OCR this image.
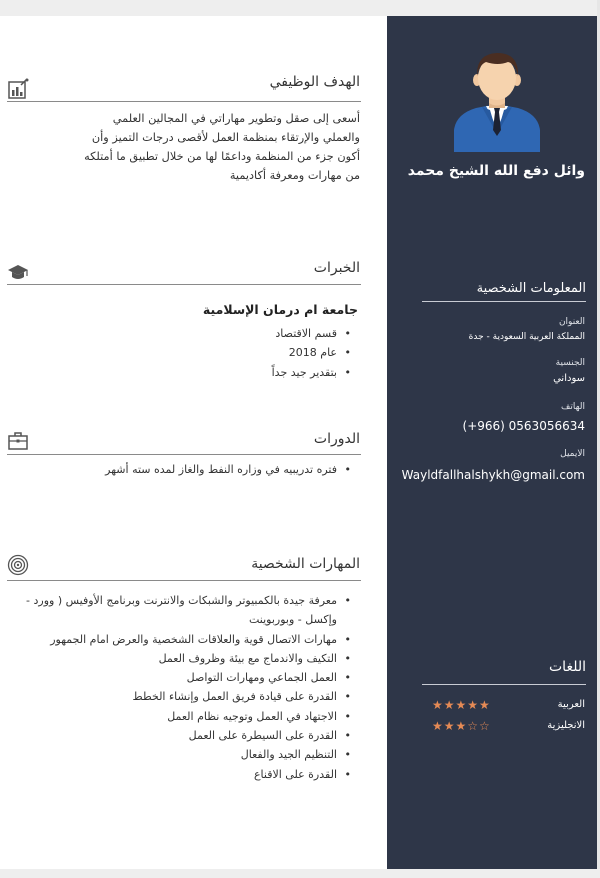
وائل دفع الله الشيخ محمد
المعلومات الشخصية
العنوان
المملكة العربية السعودية - جدة
الجنسية
سوداني
الهاتف
(+966) 0563056634
الايميل
Wayldfallhalshykh@gmail.com
اللغات
العربية
★★★★★
الانجليزية
★★★☆☆
الهدف الوظيفي
أسعى إلى صقل وتطوير مهاراتي في المجالين العلمي
والعملي والإرتقاء بمنظمة العمل لأقصى درجات التميز وأن
أكون جزء من المنظمة وداعمًا لها من خلال تطبيق ما أمتلكه
من مهارات ومعرفة أكاديمية
الخبرات
جامعة ام درمان الإسلامية
• قسم الاقتصاد
• عام 2018
• بتقدير جيد جداً
الدورات
• فتره تدريبيه في وزاره النفط والغاز لمده سته أشهر
المهارات الشخصية
• معرفة جيدة بالكمبيوتر والشبكات والانترنت وبرنامج الأوفيس ( وورد - وإكسل - وبوربوينت
• مهارات الاتصال قوية والعلاقات الشخصية والعرض امام الجمهور
• التكيف والاندماج مع بيئة وظروف العمل
• العمل الجماعي ومهارات التواصل
• القدرة على قيادة فريق العمل وإنشاء الخطط
• الاجتهاد في العمل وتوجيه نظام العمل
• القدرة على السيطرة على العمل
• التنظيم الجيد والفعال
• القدرة على الاقناع
